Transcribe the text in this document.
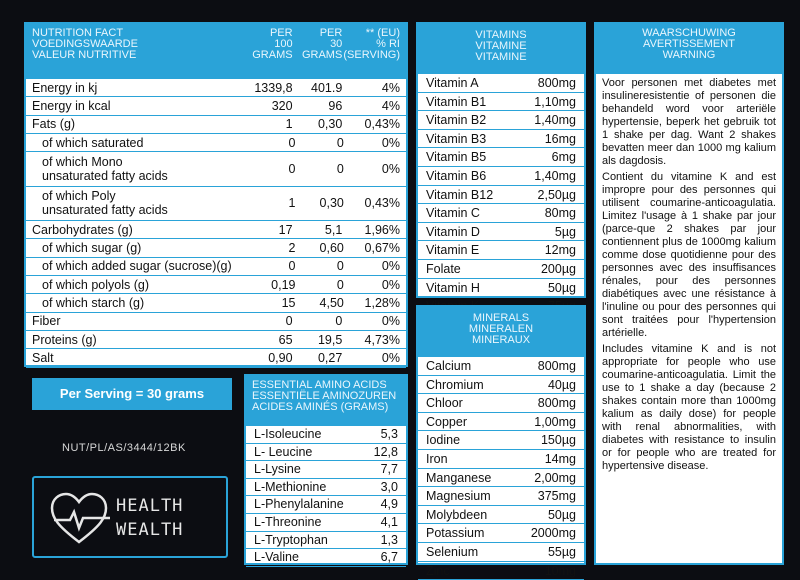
NUTRITION FACT
VOEDINGSWAARDE
VALEUR NUTRITIVE
PER
100
GRAMS
PER
30
GRAMS
** (EU)
% RI
(SERVING)
Energy in kj	1339,8	401.9	4%
Energy in kcal	320	96	4%
Fats (g)	1	0,30	0,43%
of which saturated	0	0	0%
of which Mono
unsaturated fatty acids	0	0	0%
of which Poly
unsaturated fatty acids	1	0,30	0,43%
Carbohydrates (g)	17	5,1	1,96%
of which sugar (g)	2	0,60	0,67%
of which added sugar (sucrose)(g)	0	0	0%
of which polyols (g)	0,19	0	0%
of which starch (g)	15	4,50	1,28%
Fiber	0	0	0%
Proteins (g)	65	19,5	4,73%
Salt	0,90	0,27	0%
VITAMINS
VITAMINE
VITAMINE
Vitamin A	800mg
Vitamin B1	1,10mg
Vitamin B2	1,40mg
Vitamin B3	16mg
Vitamin B5	6mg
Vitamin B6	1,40mg
Vitamin B12	2,50µg
Vitamin C	80mg
Vitamin D	5µg
Vitamin E	12mg
Folate	200µg
Vitamin H	50µg
MINERALS
MINERALEN
MINERAUX
Calcium	800mg
Chromium	40µg
Chloor	800mg
Copper	1,00mg
Iodine	150µg
Iron	14mg
Manganese	2,00mg
Magnesium	375mg
Molybdeen	50µg
Potassium	2000mg
Selenium	55µg
Zinc	10mg
WAARSCHUWING
AVERTISSEMENT
WARNING
Voor personen met diabetes met insulineresistentie of personen die behandeld word voor arteriële hypertensie, beperk het gebruik tot 1 shake per dag. Want 2 shakes bevatten meer dan 1000 mg kalium als dagdosis.
Contient du vitamine K and est impropre pour des personnes qui utilisent coumarine-anticoagulatia. Limitez l'usage à 1 shake par jour (parce-que 2 shakes par jour contiennent plus de 1000mg kalium comme dose quotidienne pour des personnes avec des insuffisances rénales, pour des personnes diabétiques avec une résistance à l'inuline ou pour des personnes qui sont traitées pour l'hypertension artérielle.
Includes vitamine K and is not appropriate for people who use coumarine-anticoagulatia. Limit the use to 1 shake a day (because 2 shakes contain more than 1000mg kalium as daily dose) for people with renal abnormalities, with diabetes with resistance to insulin or for people who are treated for hypertensive disease.
ESSENTIAL AMINO ACIDS
ESSENTIËLE AMINOZUREN
ACIDES AMINÉS (GRAMS)
L-Isoleucine	5,3
L- Leucine	12,8
L-Lysine	7,7
L-Methionine	3,0
L-Phenylalanine	4,9
L-Threonine	4,1
L-Tryptophan	1,3
L-Valine	6,7
Per Serving = 30 grams
NUT/PL/AS/3444/12BK
HEALTH
WEALTH
